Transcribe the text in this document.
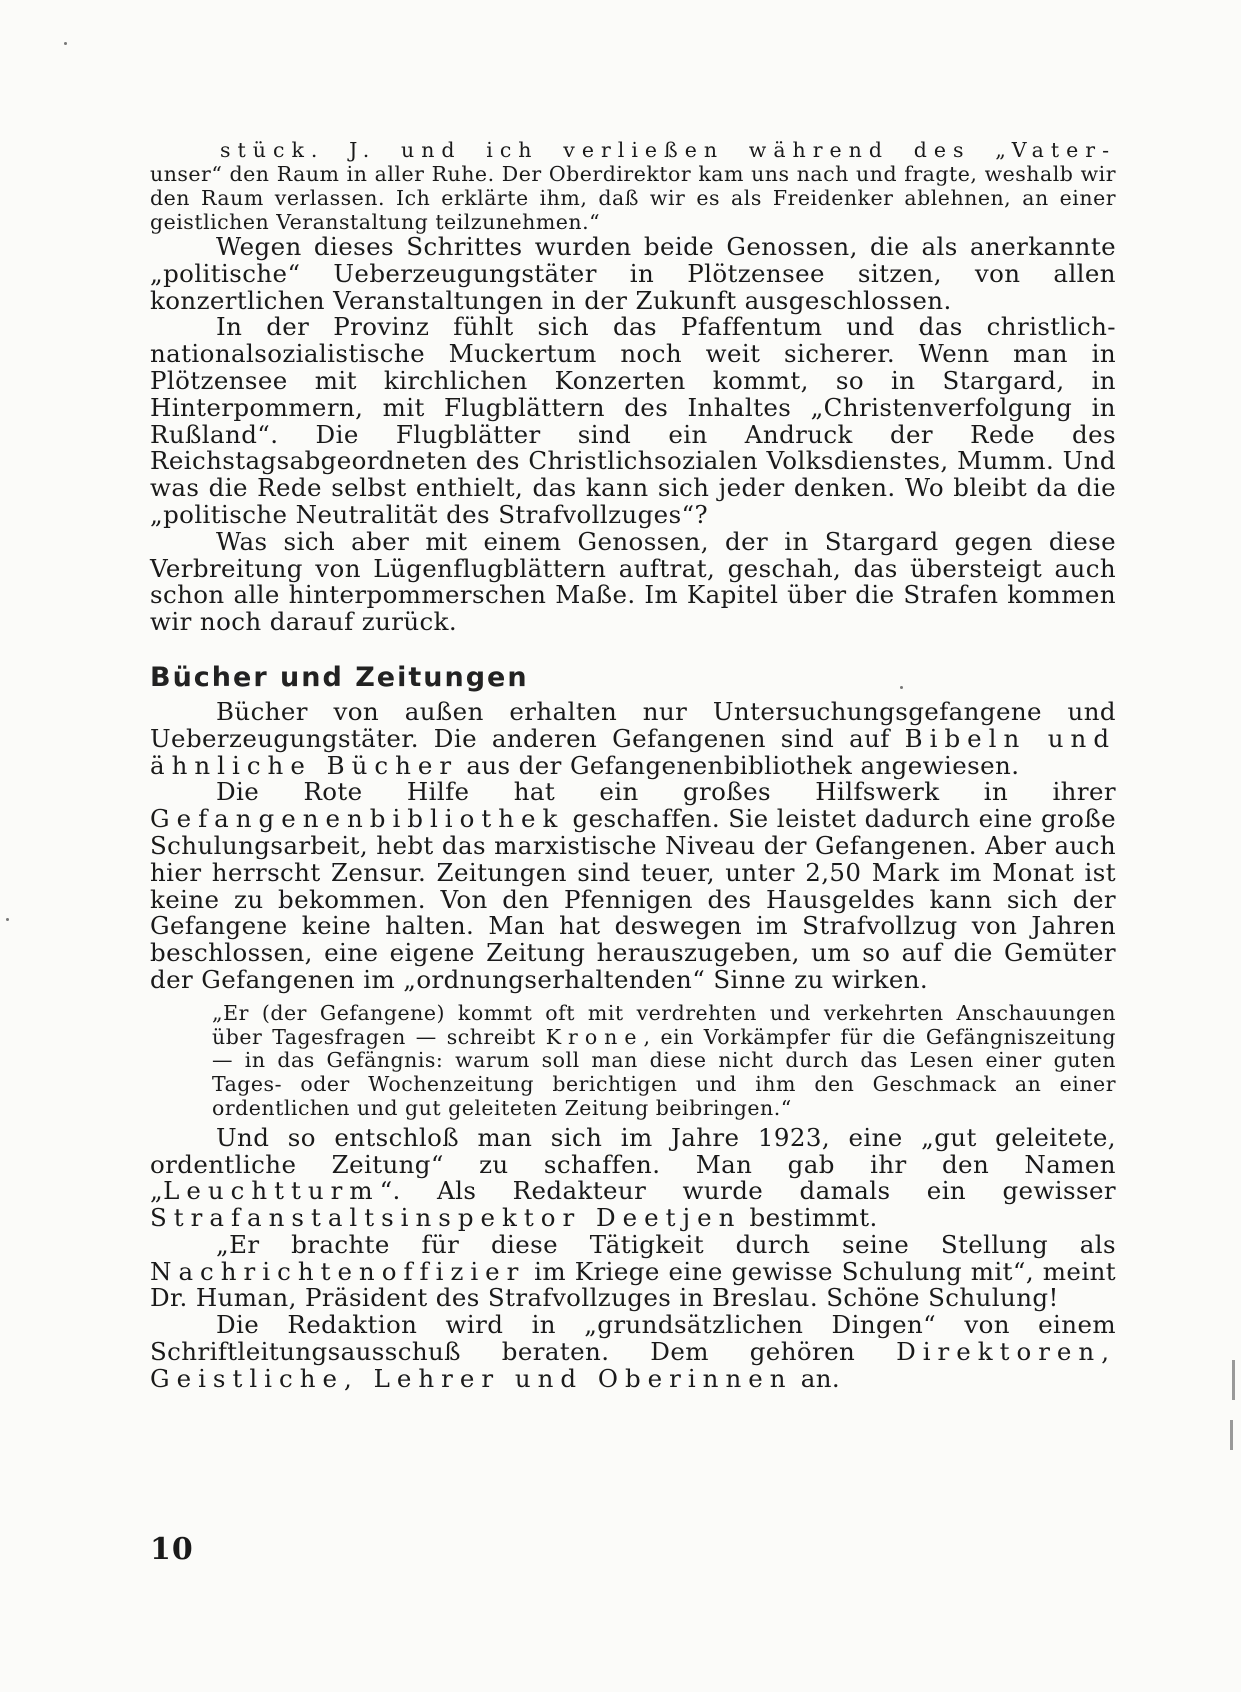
stück. J. und ich verließen während des „Vater- unser“ den Raum in aller Ruhe. Der Oberdirektor kam uns nach und fragte, weshalb wir den Raum verlassen. Ich erklärte ihm, daß wir es als Freidenker ablehnen, an einer geistlichen Veranstaltung teilzunehmen.“

Wegen dieses Schrittes wurden beide Genossen, die als anerkannte „politische“ Ueberzeugungstäter in Plötzensee sitzen, von allen konzertlichen Veranstaltungen in der Zukunft ausgeschlossen.

In der Provinz fühlt sich das Pfaffentum und das christlich-nationalsozialistische Muckertum noch weit sicherer. Wenn man in Plötzensee mit kirchlichen Konzerten kommt, so in Stargard, in Hinterpommern, mit Flugblättern des Inhaltes „Christenverfolgung in Rußland“. Die Flugblätter sind ein Andruck der Rede des Reichstagsabgeordneten des Christlichsozialen Volksdienstes, Mumm. Und was die Rede selbst enthielt, das kann sich jeder denken. Wo bleibt da die „politische Neutralität des Strafvollzuges“?

Was sich aber mit einem Genossen, der in Stargard gegen diese Verbreitung von Lügenflugblättern auftrat, geschah, das übersteigt auch schon alle hinterpommerschen Maße. Im Kapitel über die Strafen kommen wir noch darauf zurück.

Bücher und Zeitungen

Bücher von außen erhalten nur Untersuchungsgefangene und Ueberzeugungstäter. Die anderen Gefangenen sind auf Bibeln und ähnliche Bücher aus der Gefangenenbibliothek angewiesen.

Die Rote Hilfe hat ein großes Hilfswerk in ihrer Gefangenenbibliothek geschaffen. Sie leistet dadurch eine große Schulungsarbeit, hebt das marxistische Niveau der Gefangenen. Aber auch hier herrscht Zensur. Zeitungen sind teuer, unter 2,50 Mark im Monat ist keine zu bekommen. Von den Pfennigen des Hausgeldes kann sich der Gefangene keine halten. Man hat deswegen im Strafvollzug von Jahren beschlossen, eine eigene Zeitung herauszugeben, um so auf die Gemüter der Gefangenen im „ordnungserhaltenden“ Sinne zu wirken.

„Er (der Gefangene) kommt oft mit verdrehten und verkehrten Anschauungen über Tagesfragen — schreibt Krone, ein Vorkämpfer für die Gefängniszeitung — in das Gefängnis: warum soll man diese nicht durch das Lesen einer guten Tages- oder Wochenzeitung berichtigen und ihm den Geschmack an einer ordentlichen und gut geleiteten Zeitung beibringen.“

Und so entschloß man sich im Jahre 1923, eine „gut geleitete, ordentliche Zeitung“ zu schaffen. Man gab ihr den Namen „Leuchtturm“. Als Redakteur wurde damals ein gewisser Strafanstaltsinspektor Deetjen bestimmt.

„Er brachte für diese Tätigkeit durch seine Stellung als Nachrichtenoffizier im Kriege eine gewisse Schulung mit“, meint Dr. Human, Präsident des Strafvollzuges in Breslau. Schöne Schulung!

Die Redaktion wird in „grundsätzlichen Dingen“ von einem Schriftleitungsausschuß beraten. Dem gehören Direktoren, Geistliche, Lehrer und Oberinnen an.

10
